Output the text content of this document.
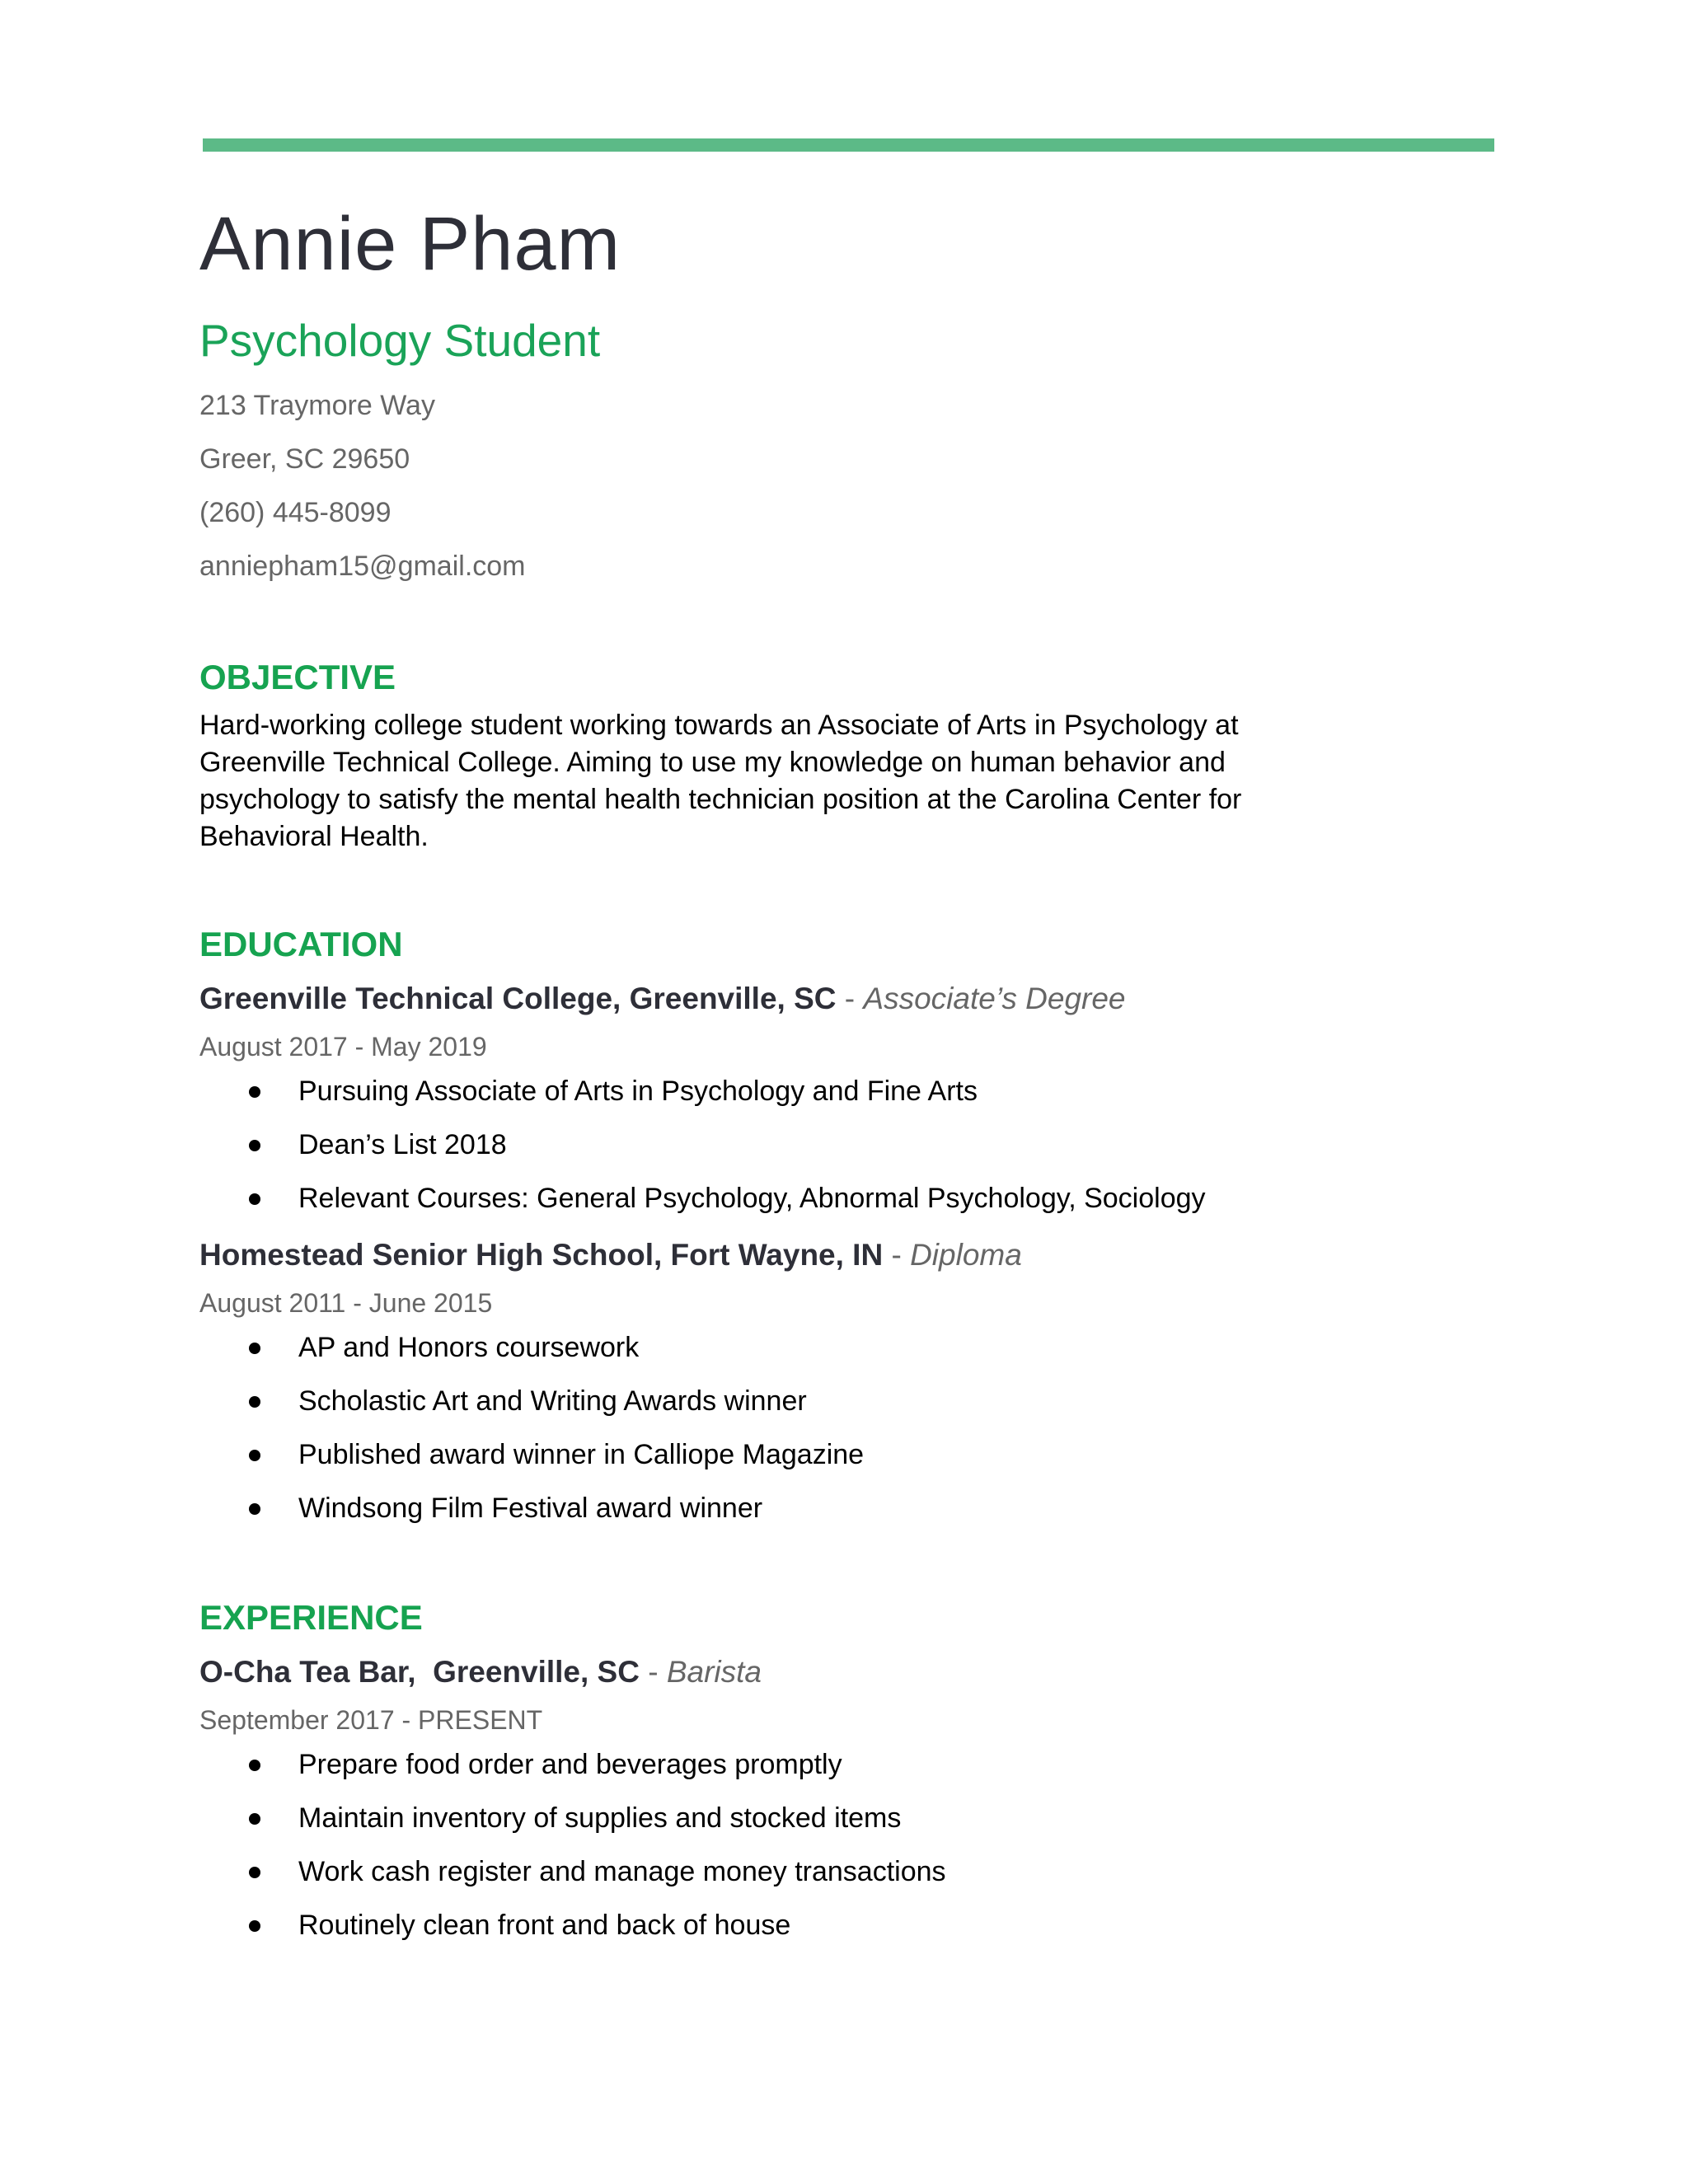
Annie Pham
Psychology Student
213 Traymore Way
Greer, SC 29650
(260) 445-8099
anniepham15@gmail.com
OBJECTIVE
Hard-working college student working towards an Associate of Arts in Psychology at Greenville Technical College. Aiming to use my knowledge on human behavior and psychology to satisfy the mental health technician position at the Carolina Center for Behavioral Health.
EDUCATION
Greenville Technical College, Greenville, SC - Associate’s Degree
August 2017 - May 2019
Pursuing Associate of Arts in Psychology and Fine Arts
Dean’s List 2018
Relevant Courses: General Psychology, Abnormal Psychology, Sociology
Homestead Senior High School, Fort Wayne, IN - Diploma
August 2011 - June 2015
AP and Honors coursework
Scholastic Art and Writing Awards winner
Published award winner in Calliope Magazine
Windsong Film Festival award winner
EXPERIENCE
O-Cha Tea Bar,  Greenville, SC - Barista
September 2017 - PRESENT
Prepare food order and beverages promptly
Maintain inventory of supplies and stocked items
Work cash register and manage money transactions
Routinely clean front and back of house
